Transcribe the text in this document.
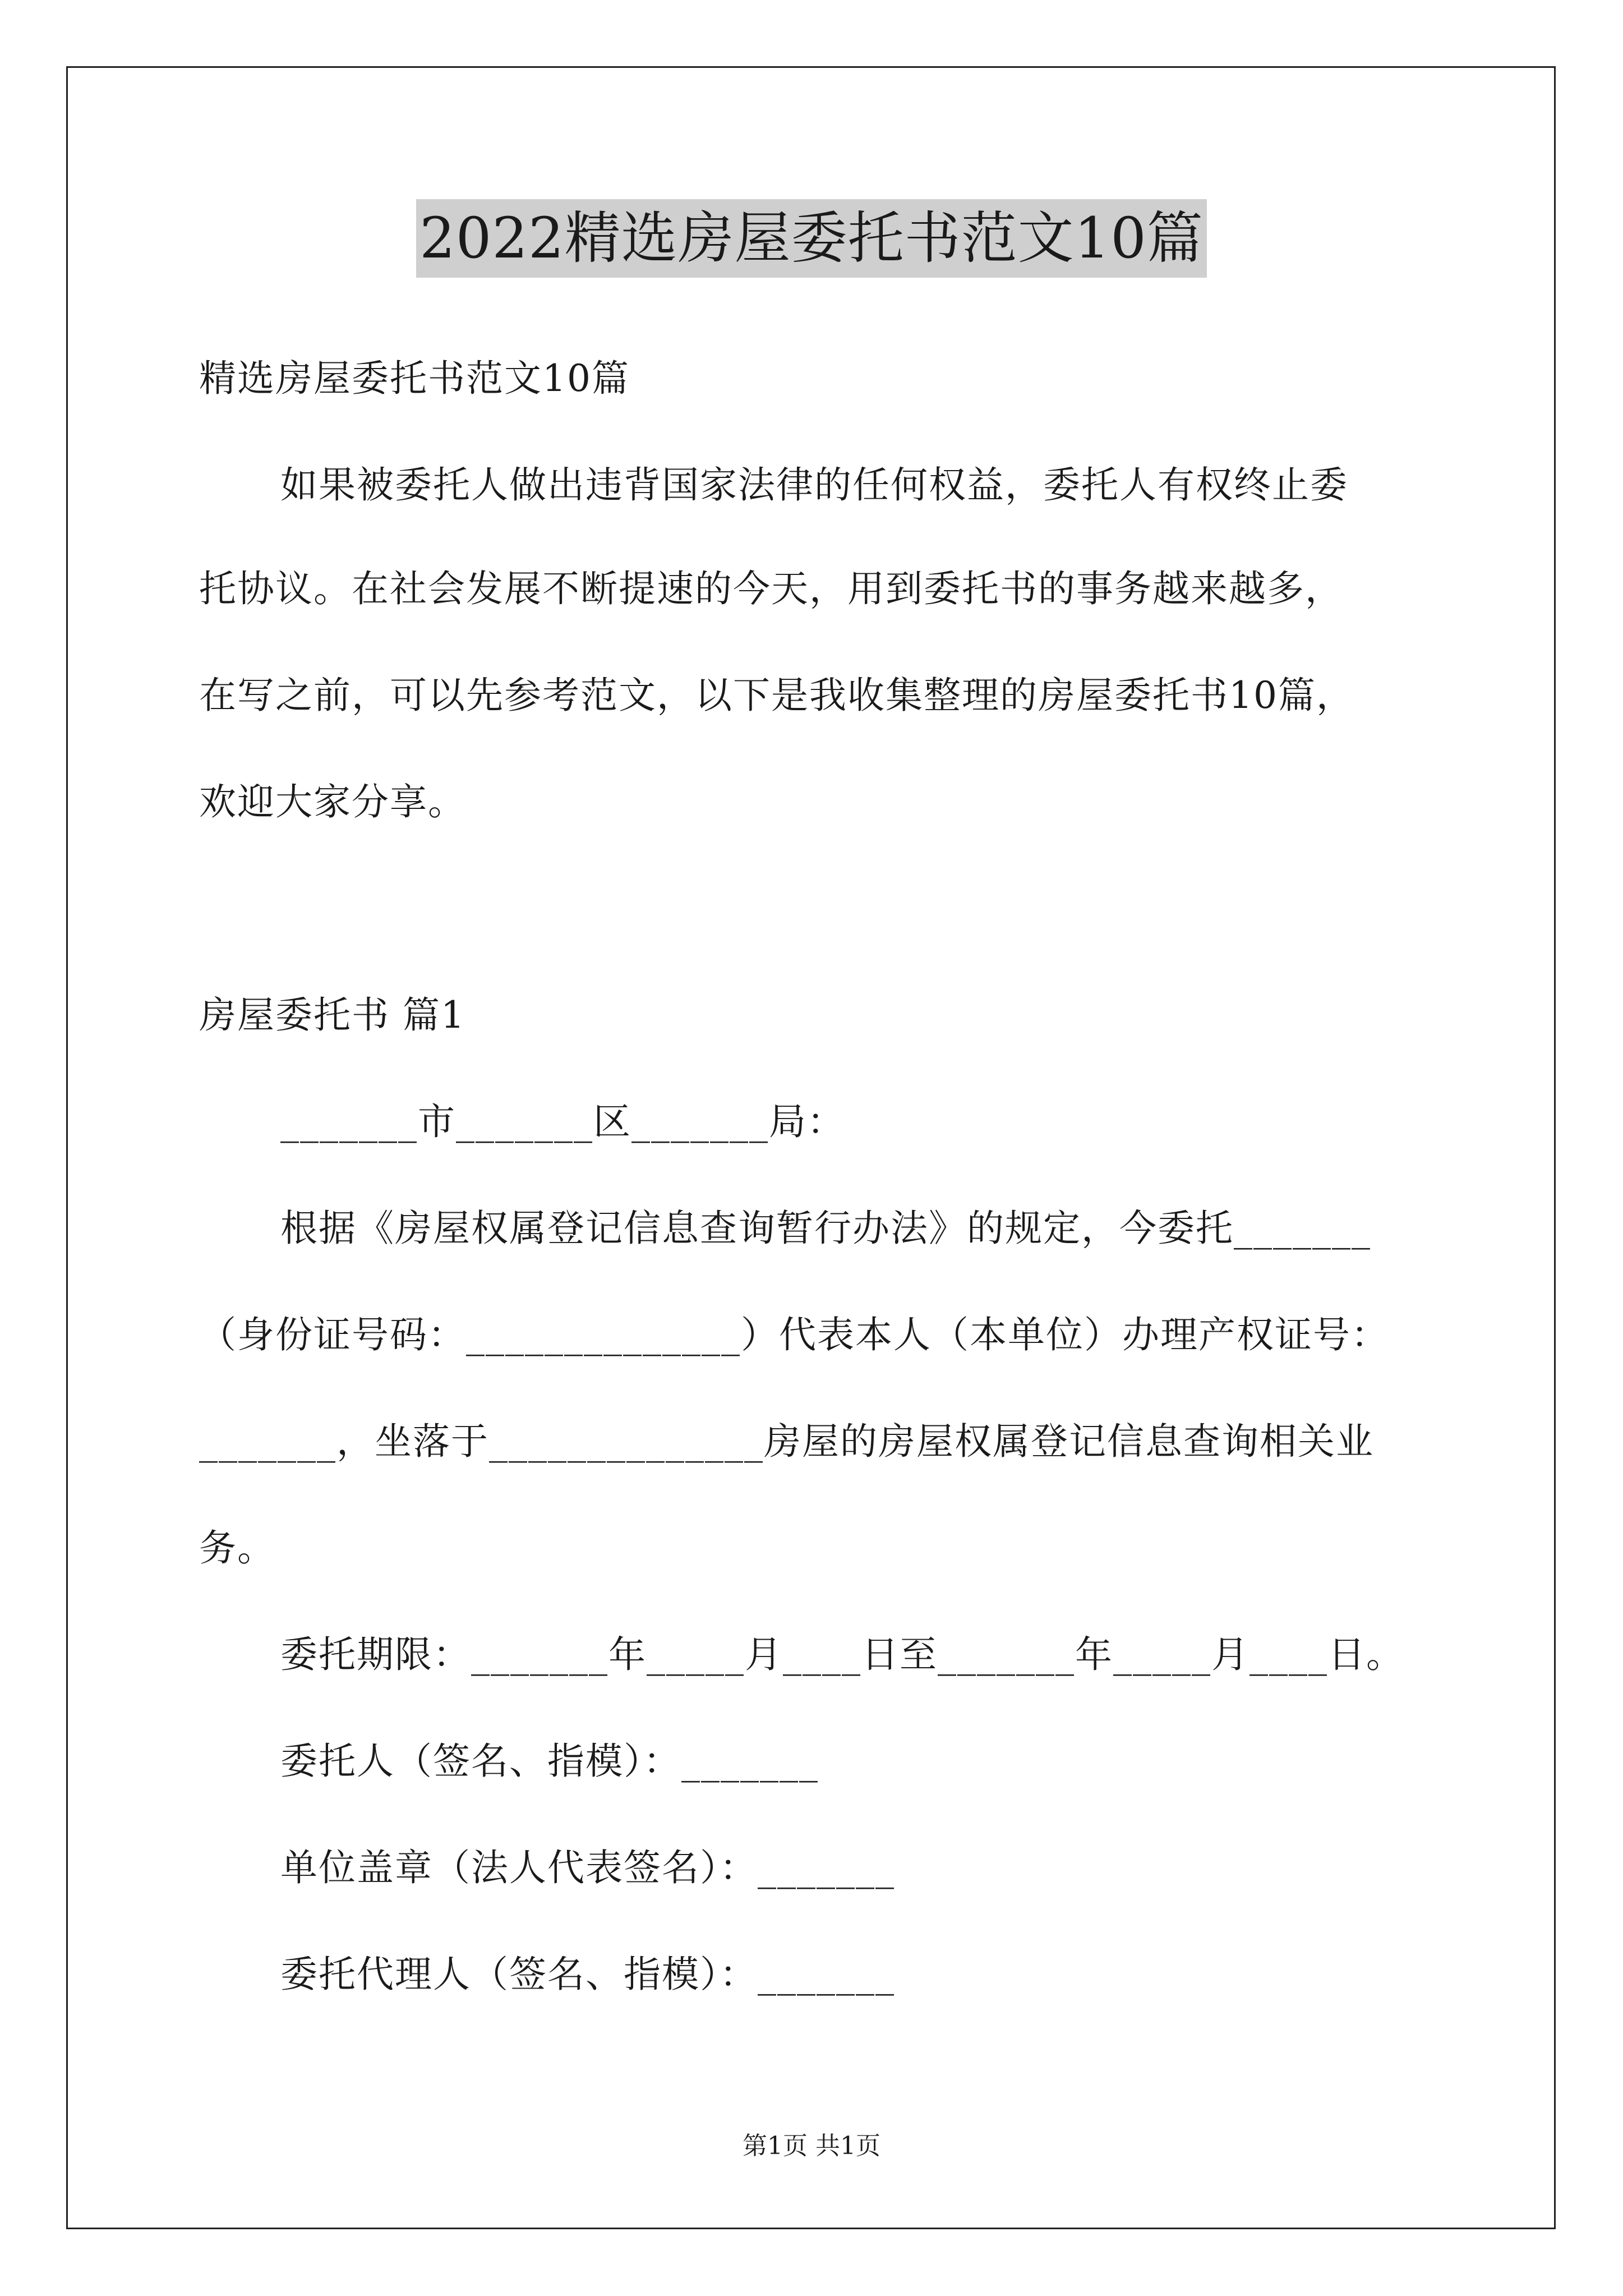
2022精选房屋委托书范文10篇
精选房屋委托书范文10篇
如果被委托人做出违背国家法律的任何权益，委托人有权终止委
托协议。在社会发展不断提速的今天，用到委托书的事务越来越多，
在写之前，可以先参考范文，以下是我收集整理的房屋委托书10篇，
欢迎大家分享。
房屋委托书 篇1
_______市_______区_______局：
根据《房屋权属登记信息查询暂行办法》的规定，今委托_______
（身份证号码：______________）代表本人（本单位）办理产权证号：
_______，坐落于______________房屋的房屋权属登记信息查询相关业
务。
委托期限：_______年_____月____日至_______年_____月____日。
委托人（签名、指模）：_______
单位盖章（法人代表签名）：_______
委托代理人（签名、指模）：_______
第1页 共1页
